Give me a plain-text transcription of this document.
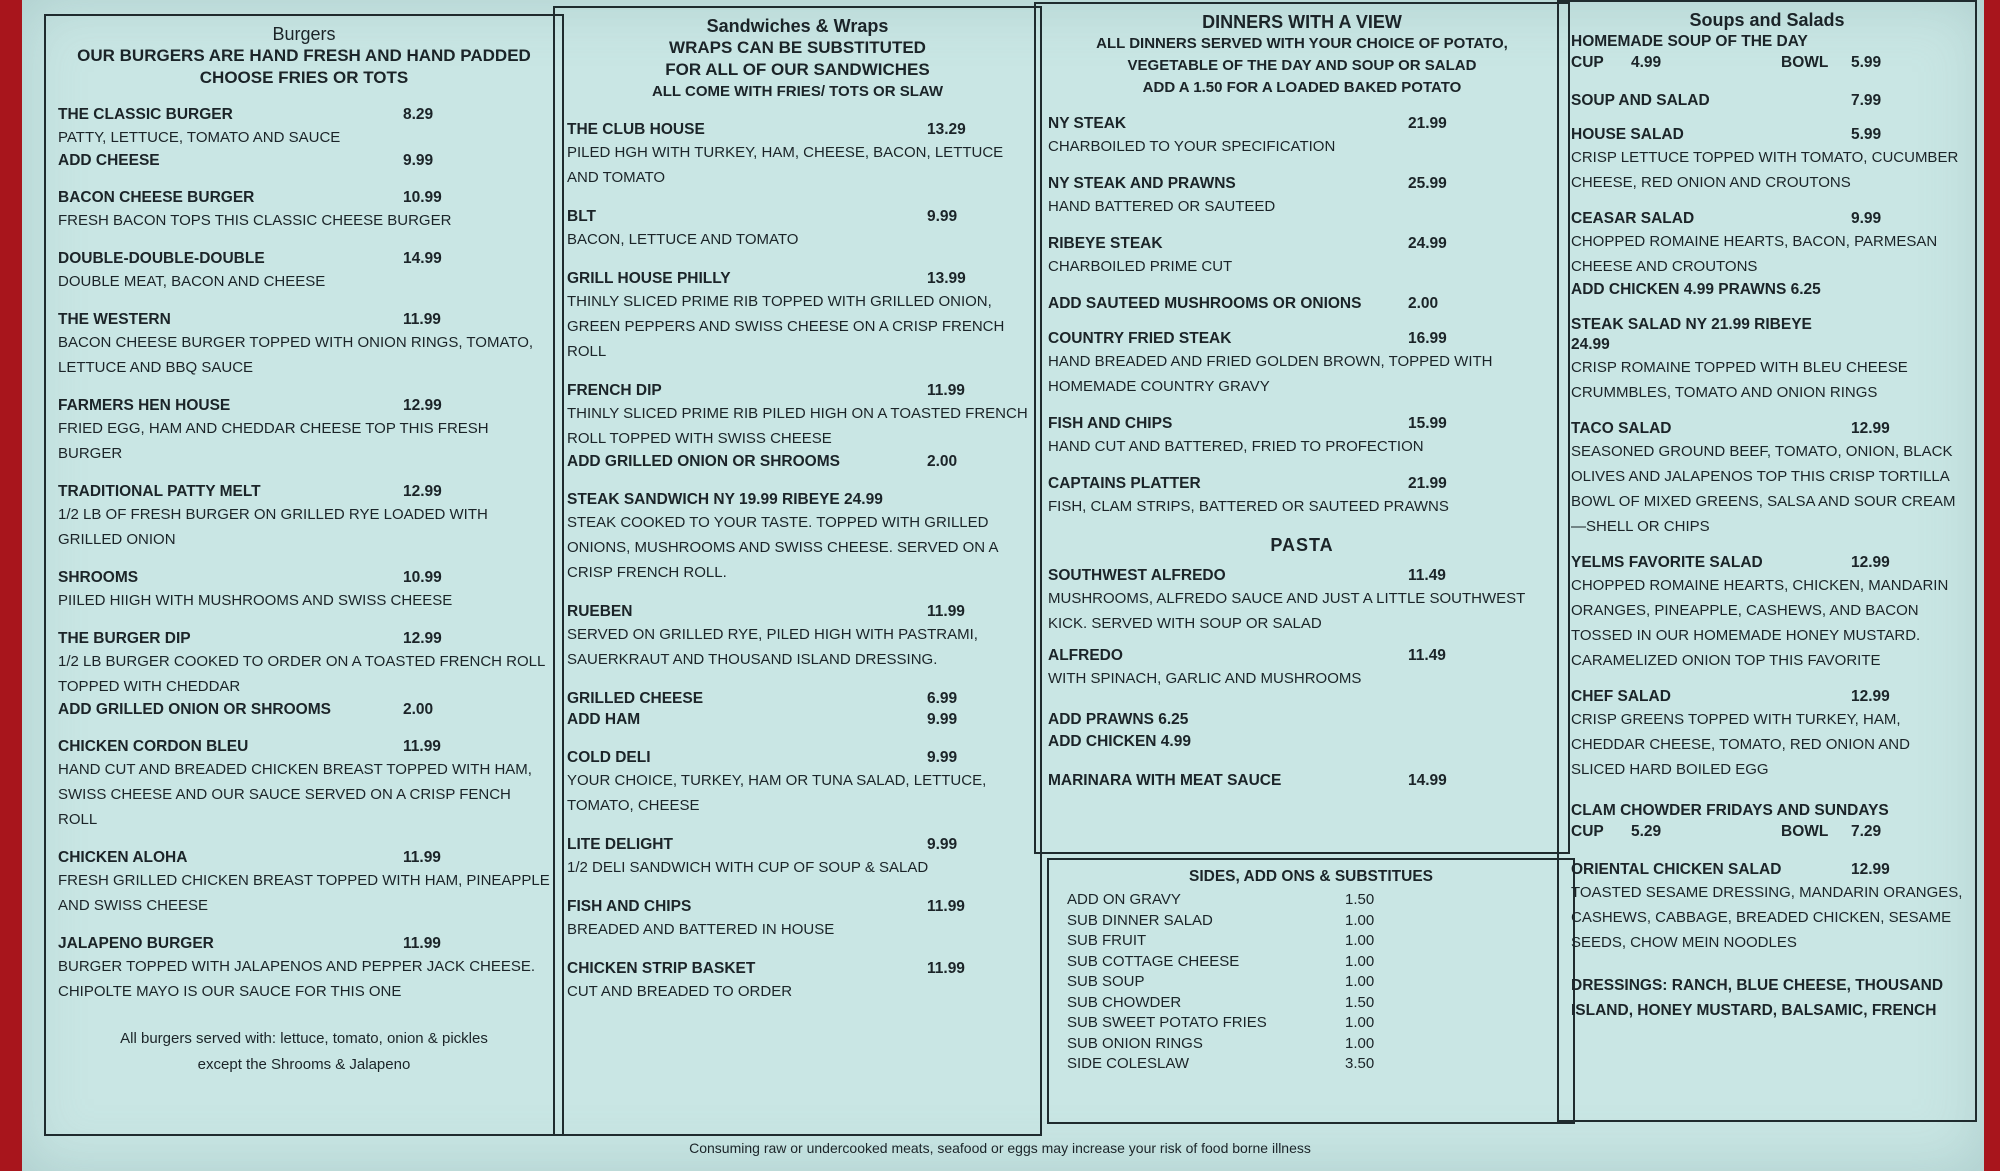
Burgers
OUR BURGERS ARE HAND FRESH AND HAND PADDED
CHOOSE FRIES OR TOTS
THE CLASSIC BURGER	8.29
PATTY, LETTUCE, TOMATO AND SAUCE
ADD CHEESE	9.99
BACON CHEESE BURGER	10.99
FRESH BACON TOPS THIS CLASSIC CHEESE BURGER
DOUBLE-DOUBLE-DOUBLE	14.99
DOUBLE MEAT, BACON AND CHEESE
THE WESTERN	11.99
BACON CHEESE BURGER TOPPED WITH ONION RINGS, TOMATO, LETTUCE AND BBQ SAUCE
FARMERS HEN HOUSE	12.99
FRIED EGG, HAM AND CHEDDAR CHEESE TOP THIS FRESH BURGER
TRADITIONAL PATTY MELT	12.99
1/2 LB OF FRESH BURGER ON GRILLED RYE LOADED WITH GRILLED ONION
SHROOMS	10.99
PIILED HIIGH WITH MUSHROOMS AND SWISS CHEESE
THE BURGER DIP	12.99
1/2 LB BURGER COOKED TO ORDER ON A TOASTED FRENCH ROLL TOPPED WITH CHEDDAR
ADD GRILLED ONION OR SHROOMS	2.00
CHICKEN CORDON BLEU	11.99
HAND CUT AND BREADED CHICKEN BREAST TOPPED WITH HAM, SWISS CHEESE AND OUR SAUCE SERVED ON A CRISP FENCH ROLL
CHICKEN ALOHA	11.99
FRESH GRILLED CHICKEN BREAST TOPPED WITH HAM, PINEAPPLE AND SWISS CHEESE
JALAPENO BURGER	11.99
BURGER TOPPED WITH JALAPENOS AND PEPPER JACK CHEESE. CHIPOLTE MAYO IS OUR SAUCE FOR THIS ONE
All burgers served with: lettuce, tomato, onion & pickles
except the Shrooms & Jalapeno
Sandwiches & Wraps
WRAPS CAN BE SUBSTITUTED
FOR ALL OF OUR SANDWICHES
ALL COME WITH FRIES/ TOTS OR SLAW
THE CLUB HOUSE	13.29
PILED HGH WITH TURKEY, HAM, CHEESE, BACON, LETTUCE AND TOMATO
BLT	9.99
BACON, LETTUCE AND TOMATO
GRILL HOUSE PHILLY	13.99
THINLY SLICED PRIME RIB TOPPED WITH GRILLED ONION, GREEN PEPPERS AND SWISS CHEESE ON A CRISP FRENCH ROLL
FRENCH DIP	11.99
THINLY SLICED PRIME RIB PILED HIGH ON A TOASTED FRENCH ROLL TOPPED WITH SWISS CHEESE
ADD GRILLED ONION OR SHROOMS	2.00
STEAK SANDWICH NY 19.99 RIBEYE 24.99
STEAK COOKED TO YOUR TASTE. TOPPED WITH GRILLED ONIONS, MUSHROOMS AND SWISS CHEESE. SERVED ON A CRISP FRENCH ROLL.
RUEBEN	11.99
SERVED ON GRILLED RYE, PILED HIGH WITH PASTRAMI, SAUERKRAUT AND THOUSAND ISLAND DRESSING.
GRILLED CHEESE	6.99
ADD HAM	9.99
COLD DELI	9.99
YOUR CHOICE, TURKEY, HAM OR TUNA SALAD, LETTUCE, TOMATO, CHEESE
LITE DELIGHT	9.99
1/2 DELI SANDWICH WITH CUP OF SOUP & SALAD
FISH AND CHIPS	11.99
BREADED AND BATTERED IN HOUSE
CHICKEN STRIP BASKET	11.99
CUT AND BREADED TO ORDER
DINNERS WITH A VIEW
ALL DINNERS SERVED WITH YOUR CHOICE OF POTATO,
VEGETABLE OF THE DAY AND SOUP OR SALAD
ADD A 1.50 FOR A LOADED BAKED POTATO
NY STEAK	21.99
CHARBOILED TO YOUR SPECIFICATION
NY STEAK AND PRAWNS	25.99
HAND BATTERED OR SAUTEED
RIBEYE STEAK	24.99
CHARBOILED PRIME CUT
ADD SAUTEED MUSHROOMS OR ONIONS	2.00
COUNTRY FRIED STEAK	16.99
HAND BREADED AND FRIED GOLDEN BROWN, TOPPED WITH HOMEMADE COUNTRY GRAVY
FISH AND CHIPS	15.99
HAND CUT AND BATTERED, FRIED TO PROFECTION
CAPTAINS PLATTER	21.99
FISH, CLAM STRIPS, BATTERED OR SAUTEED PRAWNS
PASTA
SOUTHWEST ALFREDO	11.49
MUSHROOMS, ALFREDO SAUCE AND JUST A LITTLE SOUTHWEST KICK. SERVED WITH SOUP OR SALAD
ALFREDO	11.49
WITH SPINACH, GARLIC AND MUSHROOMS
ADD PRAWNS 6.25
ADD CHICKEN 4.99
MARINARA WITH MEAT SAUCE	14.99
SIDES, ADD ONS & SUBSTITUES
ADD ON GRAVY	1.50
SUB DINNER SALAD	1.00
SUB FRUIT	1.00
SUB COTTAGE CHEESE	1.00
SUB SOUP	1.00
SUB CHOWDER	1.50
SUB SWEET POTATO FRIES	1.00
SUB ONION RINGS	1.00
SIDE COLESLAW	3.50
Soups and Salads
HOMEMADE SOUP OF THE DAY
CUP	4.99	BOWL	5.99
SOUP AND SALAD	7.99
HOUSE SALAD	5.99
CRISP LETTUCE TOPPED WITH TOMATO, CUCUMBER CHEESE, RED ONION AND CROUTONS
CEASAR SALAD	9.99
CHOPPED ROMAINE HEARTS, BACON, PARMESAN CHEESE AND CROUTONS
ADD CHICKEN 4.99 PRAWNS 6.25
STEAK SALAD NY 21.99 RIBEYE 24.99
CRISP ROMAINE TOPPED WITH BLEU CHEESE CRUMMBLES, TOMATO AND ONION RINGS
TACO SALAD	12.99
SEASONED GROUND BEEF, TOMATO, ONION, BLACK OLIVES AND JALAPENOS TOP THIS CRISP TORTILLA BOWL OF MIXED GREENS, SALSA AND SOUR CREAM—SHELL OR CHIPS
YELMS FAVORITE SALAD	12.99
CHOPPED ROMAINE HEARTS, CHICKEN, MANDARIN ORANGES, PINEAPPLE, CASHEWS, AND BACON TOSSED IN OUR HOMEMADE HONEY MUSTARD. CARAMELIZED ONION TOP THIS FAVORITE
CHEF SALAD	12.99
CRISP GREENS TOPPED WITH TURKEY, HAM, CHEDDAR CHEESE, TOMATO, RED ONION AND SLICED HARD BOILED EGG
CLAM CHOWDER FRIDAYS AND SUNDAYS
CUP	5.29	BOWL	7.29
ORIENTAL CHICKEN SALAD	12.99
TOASTED SESAME DRESSING, MANDARIN ORANGES, CASHEWS, CABBAGE, BREADED CHICKEN, SESAME SEEDS, CHOW MEIN NOODLES
DRESSINGS: RANCH, BLUE CHEESE, THOUSAND ISLAND, HONEY MUSTARD, BALSAMIC, FRENCH
Consuming raw or undercooked meats, seafood or eggs may increase your risk of food borne illness
